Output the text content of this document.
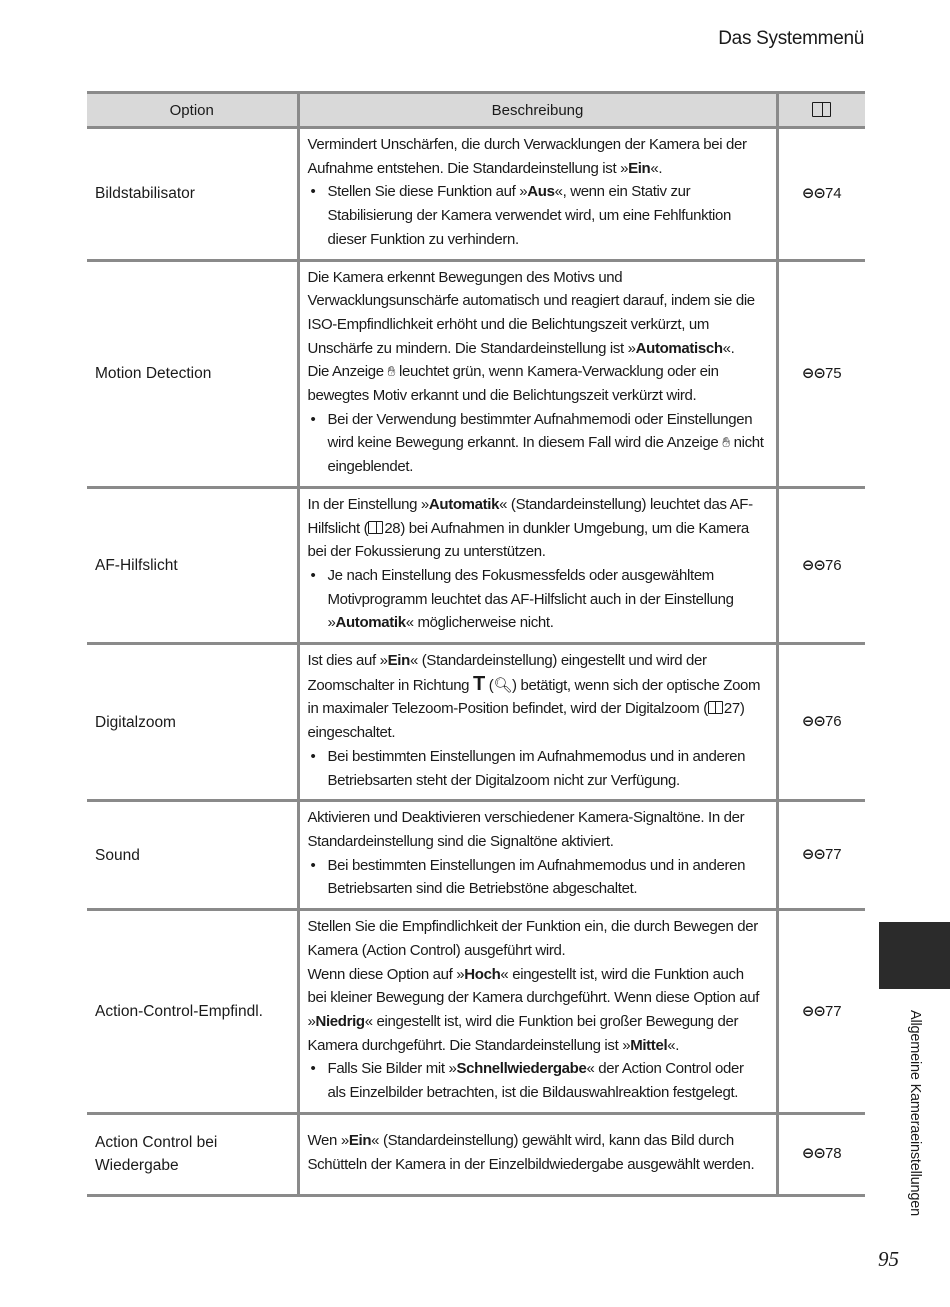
Das Systemmenü
Option	Beschreibung	
Bildstabilisator	Vermindert Unschärfen, die durch Verwacklungen der Kamera bei der Aufnahme entstehen. Die Standardeinstellung ist »Ein«.

• Stellen Sie diese Funktion auf »Aus«, wenn ein Stativ zur Stabilisierung der Kamera verwendet wird, um eine Fehlfunktion dieser Funktion zu verhindern.	⊖⊝74
Motion Detection	Die Kamera erkennt Bewegungen des Motivs und Verwacklungsunschärfe automatisch und reagiert darauf, indem sie die ISO-Empfindlichkeit erhöht und die Belichtungszeit verkürzt, um Unschärfe zu mindern. Die Standardeinstellung ist »Automatisch«.

Die Anzeige ✋︎ leuchtet grün, wenn Kamera-Verwacklung oder ein bewegtes Motiv erkannt und die Belichtungszeit verkürzt wird.

• Bei der Verwendung bestimmter Aufnahmemodi oder Einstellungen wird keine Bewegung erkannt. In diesem Fall wird die Anzeige ✋︎ nicht eingeblendet.	⊖⊝75
AF-Hilfslicht	In der Einstellung »Automatik« (Standardeinstellung) leuchtet das AF-Hilfslicht ( 28) bei Aufnahmen in dunkler Umgebung, um die Kamera bei der Fokussierung zu unterstützen.

• Je nach Einstellung des Fokusmessfelds oder ausgewähltem Motivprogramm leuchtet das AF-Hilfslicht auch in der Einstellung »Automatik« möglicherweise nicht.	⊖⊝76
Digitalzoom	Ist dies auf »Ein« (Standardeinstellung) eingestellt und wird der Zoomschalter in Richtung T (🔍︎) betätigt, wenn sich der optische Zoom in maximaler Telezoom-Position befindet, wird der Digitalzoom ( 27) eingeschaltet.

• Bei bestimmten Einstellungen im Aufnahmemodus und in anderen Betriebsarten steht der Digitalzoom nicht zur Verfügung.	⊖⊝76
Sound	Aktivieren und Deaktivieren verschiedener Kamera-Signaltöne. In der Standardeinstellung sind die Signaltöne aktiviert.

• Bei bestimmten Einstellungen im Aufnahmemodus und in anderen Betriebsarten sind die Betriebstöne abgeschaltet.	⊖⊝77
Action-Control-Empfindl.	Stellen Sie die Empfindlichkeit der Funktion ein, die durch Bewegen der Kamera (Action Control) ausgeführt wird.

Wenn diese Option auf »Hoch« eingestellt ist, wird die Funktion auch bei kleiner Bewegung der Kamera durchgeführt. Wenn diese Option auf »Niedrig« eingestellt ist, wird die Funktion bei großer Bewegung der Kamera durchgeführt. Die Standardeinstellung ist »Mittel«.

• Falls Sie Bilder mit »Schnellwiedergabe« der Action Control oder als Einzelbilder betrachten, ist die Bildauswahlreaktion festgelegt.	⊖⊝77
Action Control bei Wiedergabe	Wen »Ein« (Standardeinstellung) gewählt wird, kann das Bild durch Schütteln der Kamera in der Einzelbildwiedergabe ausgewählt werden.	⊖⊝78	Allgemeine Kameraeinstellungen
95
